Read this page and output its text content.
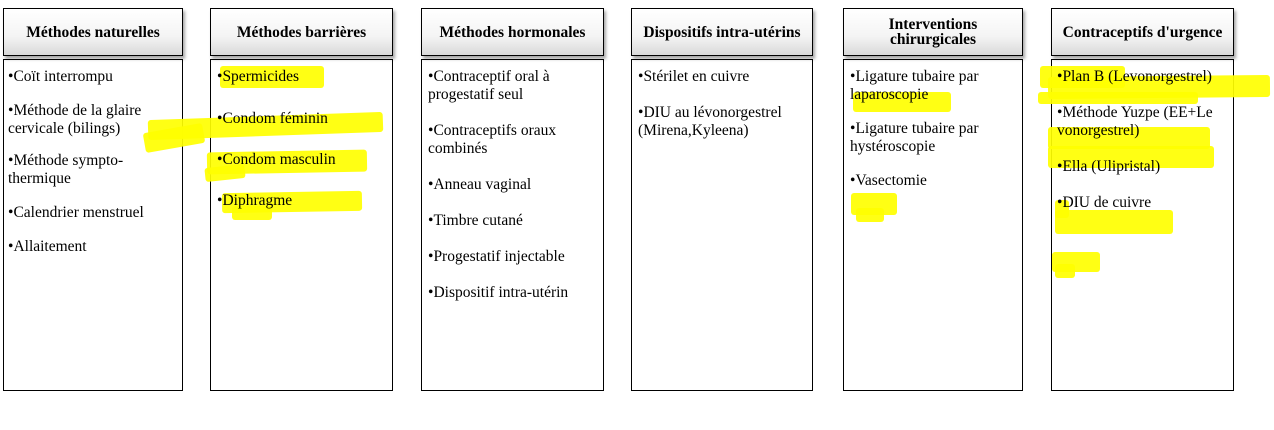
Méthodes naturelles
•Coït interrompu
•Méthode de la glaire cervicale (bilings)
•Méthode sympto-thermique
•Calendrier menstruel
•Allaitement
Méthodes barrières
•Spermicides
•Condom féminin
•Condom masculin
•Diphragme
Méthodes hormonales
•Contraceptif oral à progestatif seul
•Contraceptifs oraux combinés
•Anneau vaginal
•Timbre cutané
•Progestatif injectable
•Dispositif intra-utérin
Dispositifs intra-utérins
•Stérilet en cuivre
•DIU au lévonorgestrel (Mirena,Kyleena)
Interventions chirurgicales
•Ligature tubaire par laparoscopie
•Ligature tubaire par hystéroscopie
•Vasectomie
Contraceptifs d'urgence
•Plan B (Levonorgestrel)
•Méthode Yuzpe (EE+Levonorgestrel)
•Ella (Ulipristal)
•DIU de cuivre
